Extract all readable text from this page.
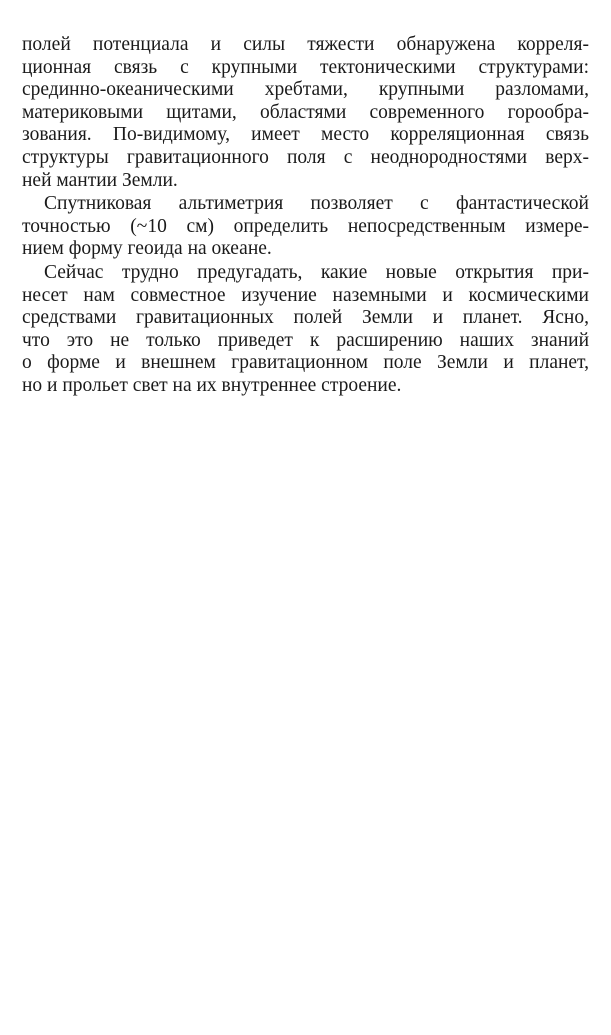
полей потенциала и силы тяжести обнаружена корреля-
ционная связь с крупными тектоническими структурами:
срединно-океаническими хребтами, крупными разломами,
материковыми щитами, областями современного горообра-
зования. По-видимому, имеет место корреляционная связь
структуры гравитационного поля с неоднородностями верх-
ней мантии Земли.
Спутниковая альтиметрия позволяет с фантастической
точностью (~10 см) определить непосредственным измере-
нием форму геоида на океане.
Сейчас трудно предугадать, какие новые открытия при-
несет нам совместное изучение наземными и космическими
средствами гравитационных полей Земли и планет. Ясно,
что это не только приведет к расширению наших знаний
о форме и внешнем гравитационном поле Земли и планет,
но и прольет свет на их внутреннее строение.
